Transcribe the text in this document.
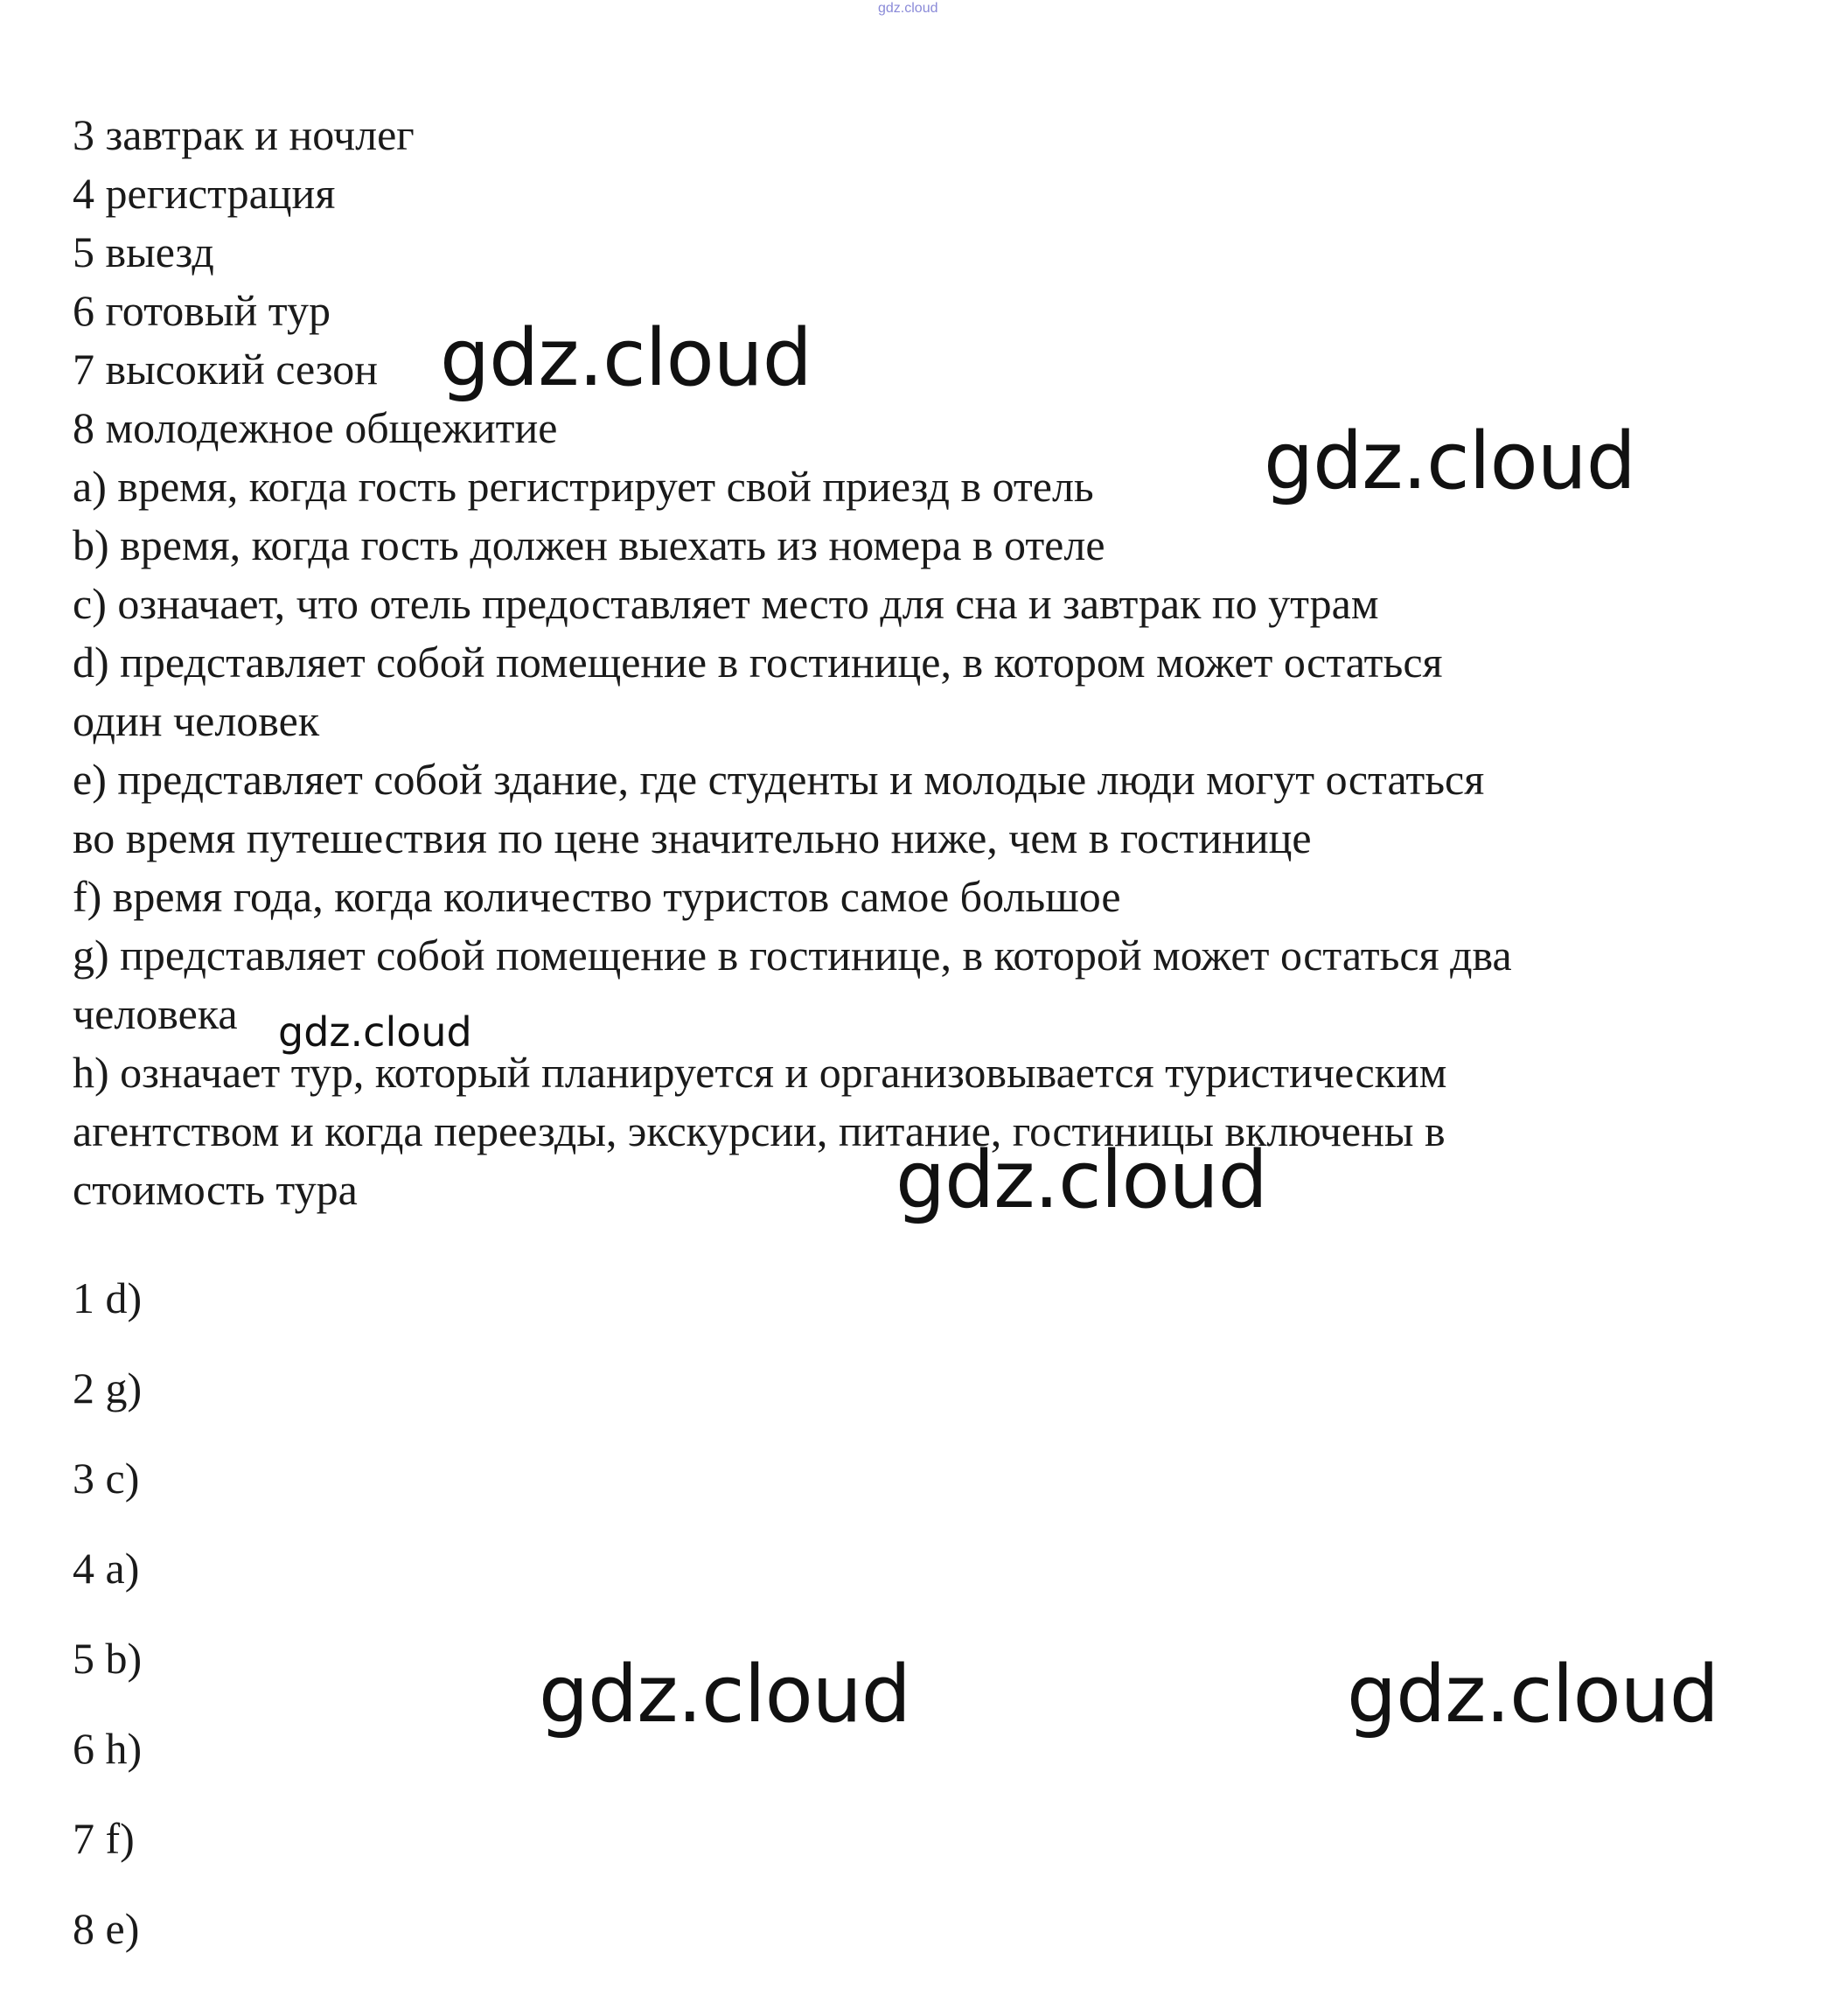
gdz.cloud
3 завтрак и ночлег
4 регистрация
5 выезд
6 готовый тур
7 высокий сезон
8 молодежное общежитие
a) время, когда гость регистрирует свой приезд в отель
b) время, когда гость должен выехать из номера в отеле
c) означает, что отель предоставляет место для сна и завтрак по утрам
d) представляет собой помещение в гостинице, в котором может остаться
один человек
e) представляет собой здание, где студенты и молодые люди могут остаться
во время путешествия по цене значительно ниже, чем в гостинице
f) время года, когда количество туристов самое большое
g) представляет собой помещение в гостинице, в которой может остаться два
человека
h) означает тур, который планируется и организовывается туристическим
агентством и когда переезды, экскурсии, питание, гостиницы включены в
стоимость тура
1 d)
2 g)
3 c)
4 a)
5 b)
6 h)
7 f)
8 e)
gdz.cloud
gdz.cloud
gdz.cloud
gdz.cloud
gdz.cloud	gdz.cloud
